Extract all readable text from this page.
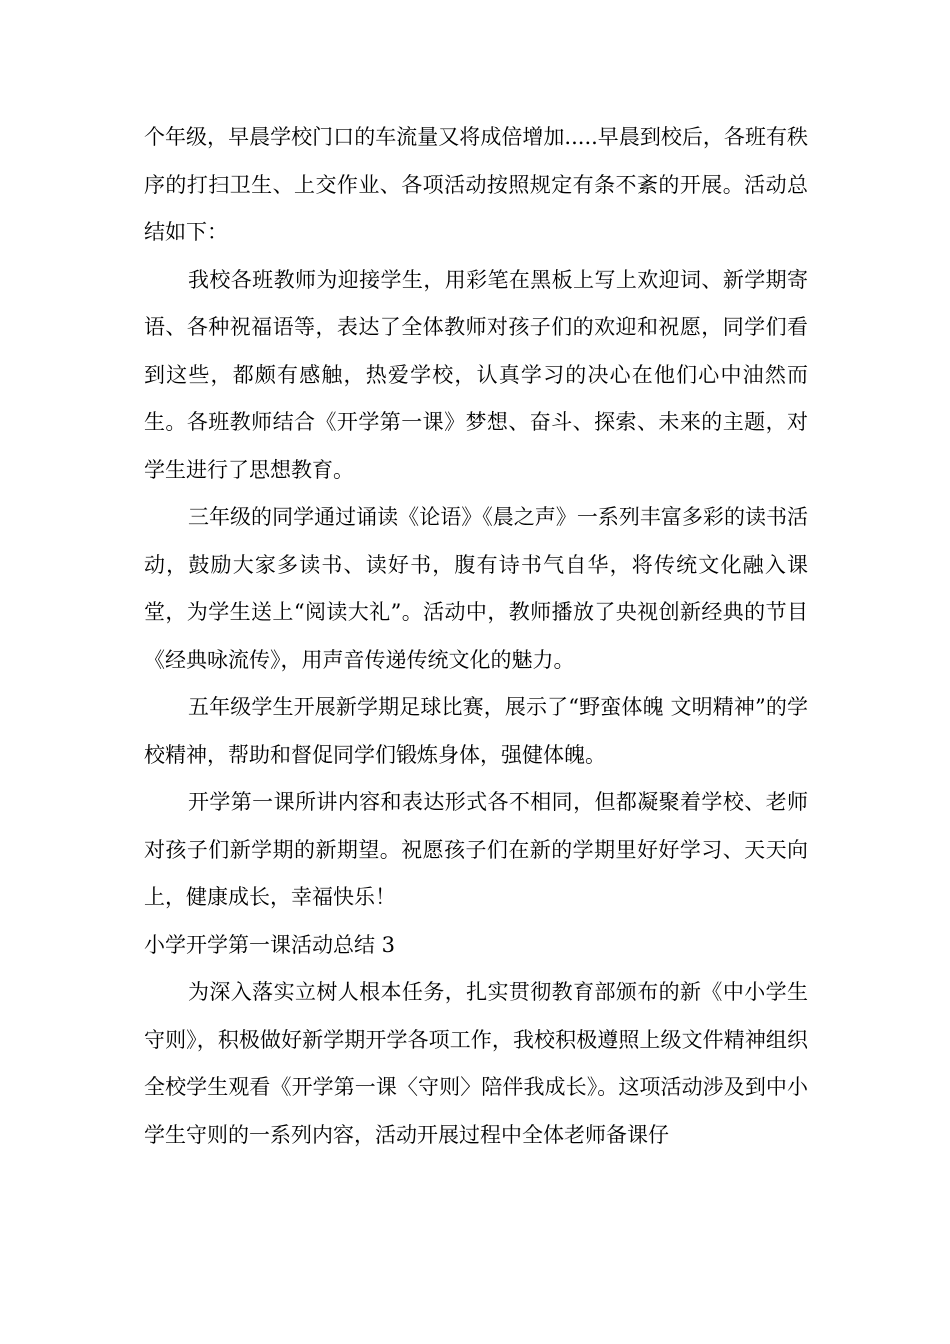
个年级，早晨学校门口的车流量又将成倍增加.....早晨到校后，各班有秩序的打扫卫生、上交作业、各项活动按照规定有条不紊的开展。活动总结如下：

我校各班教师为迎接学生，用彩笔在黑板上写上欢迎词、新学期寄语、各种祝福语等，表达了全体教师对孩子们的欢迎和祝愿，同学们看到这些，都颇有感触，热爱学校，认真学习的决心在他们心中油然而生。各班教师结合《开学第一课》梦想、奋斗、探索、未来的主题，对学生进行了思想教育。

三年级的同学通过诵读《论语》《晨之声》一系列丰富多彩的读书活动，鼓励大家多读书、读好书，腹有诗书气自华，将传统文化融入课堂，为学生送上“阅读大礼”。活动中，教师播放了央视创新经典的节目《经典咏流传》，用声音传递传统文化的魅力。

五年级学生开展新学期足球比赛，展示了“野蛮体魄 文明精神”的学校精神，帮助和督促同学们锻炼身体，强健体魄。

开学第一课所讲内容和表达形式各不相同，但都凝聚着学校、老师对孩子们新学期的新期望。祝愿孩子们在新的学期里好好学习、天天向上，健康成长，幸福快乐！

小学开学第一课活动总结 3

为深入落实立树人根本任务，扎实贯彻教育部颁布的新《中小学生守则》，积极做好新学期开学各项工作，我校积极遵照上级文件精神组织全校学生观看《开学第一课〈守则〉陪伴我成长》。这项活动涉及到中小学生守则的一系列内容，活动开展过程中全体老师备课仔
